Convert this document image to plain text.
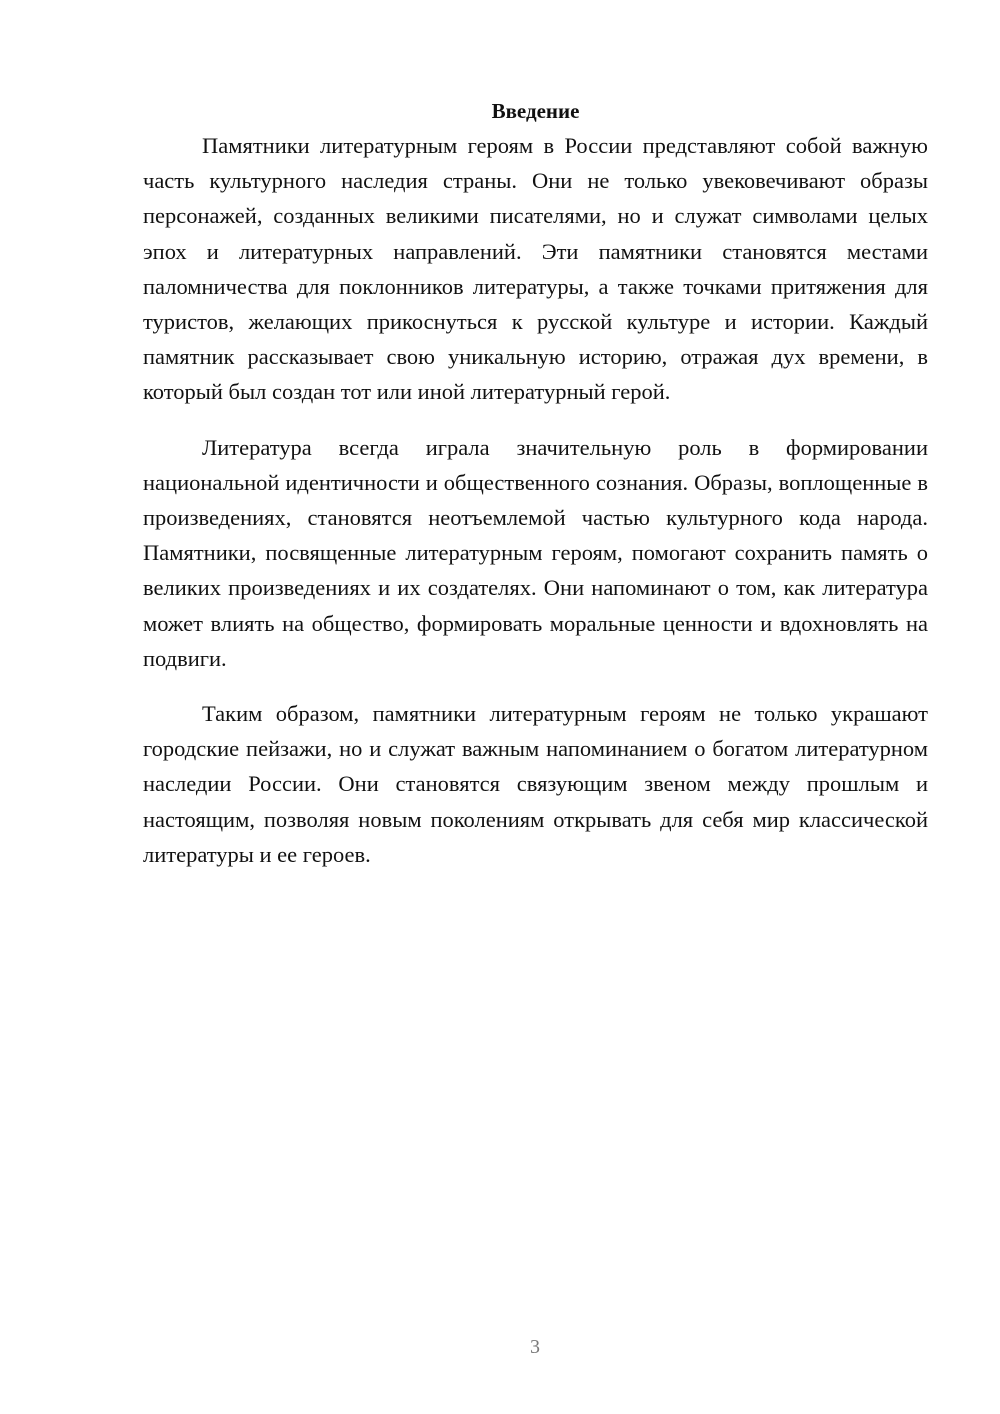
Введение

Памятники литературным героям в России представляют собой важную часть культурного наследия страны. Они не только увековечивают образы персонажей, созданных великими писателями, но и служат символами целых эпох и литературных направлений. Эти памятники становятся местами паломничества для поклонников литературы, а также точками притяжения для туристов, желающих прикоснуться к русской культуре и истории. Каждый памятник рассказывает свою уникальную историю, отражая дух времени, в который был создан тот или иной литературный герой.

Литература всегда играла значительную роль в формировании национальной идентичности и общественного сознания. Образы, воплощенные в произведениях, становятся неотъемлемой частью культурного кода народа. Памятники, посвященные литературным героям, помогают сохранить память о великих произведениях и их создателях. Они напоминают о том, как литература может влиять на общество, формировать моральные ценности и вдохновлять на подвиги.

Таким образом, памятники литературным героям не только украшают городские пейзажи, но и служат важным напоминанием о богатом литературном наследии России. Они становятся связующим звеном между прошлым и настоящим, позволяя новым поколениям открывать для себя мир классической литературы и ее героев.

3
